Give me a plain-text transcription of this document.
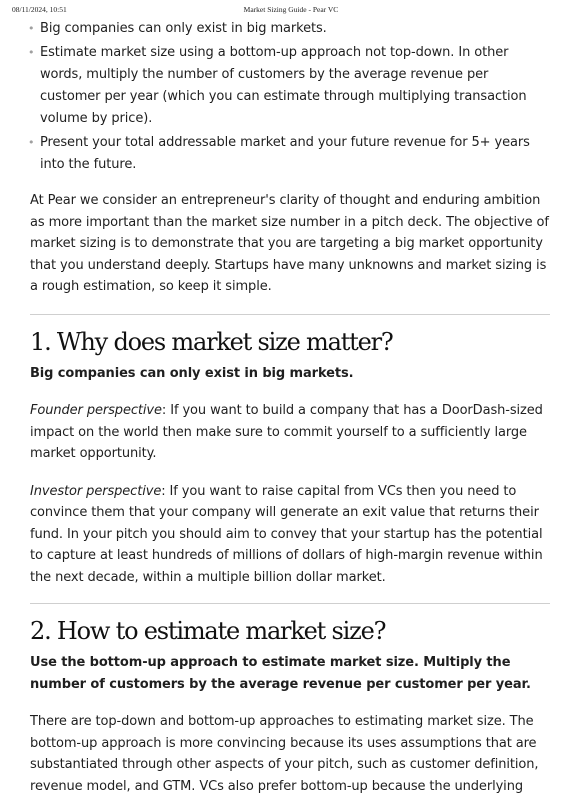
08/11/2024, 10:51	Market Sizing Guide - Pear VC
• Big companies can only exist in big markets.
• Estimate market size using a bottom-up approach not top-down. In other words, multiply the number of customers by the average revenue per customer per year (which you can estimate through multiplying transaction volume by price).
• Present your total addressable market and your future revenue for 5+ years into the future.

At Pear we consider an entrepreneur's clarity of thought and enduring ambition as more important than the market size number in a pitch deck. The objective of market sizing is to demonstrate that you are targeting a big market opportunity that you understand deeply. Startups have many unknowns and market sizing is a rough estimation, so keep it simple.

1. Why does market size matter?

Big companies can only exist in big markets.

Founder perspective: If you want to build a company that has a DoorDash-sized impact on the world then make sure to commit yourself to a sufficiently large market opportunity.

Investor perspective: If you want to raise capital from VCs then you need to convince them that your company will generate an exit value that returns their fund. In your pitch you should aim to convey that your startup has the potential to capture at least hundreds of millions of dollars of high-margin revenue within the next decade, within a multiple billion dollar market.

2. How to estimate market size?

Use the bottom-up approach to estimate market size. Multiply the number of customers by the average revenue per customer per year.

There are top-down and bottom-up approaches to estimating market size. The bottom-up approach is more convincing because its uses assumptions that are substantiated through other aspects of your pitch, such as customer definition, revenue model, and GTM. VCs also prefer bottom-up because the underlying
